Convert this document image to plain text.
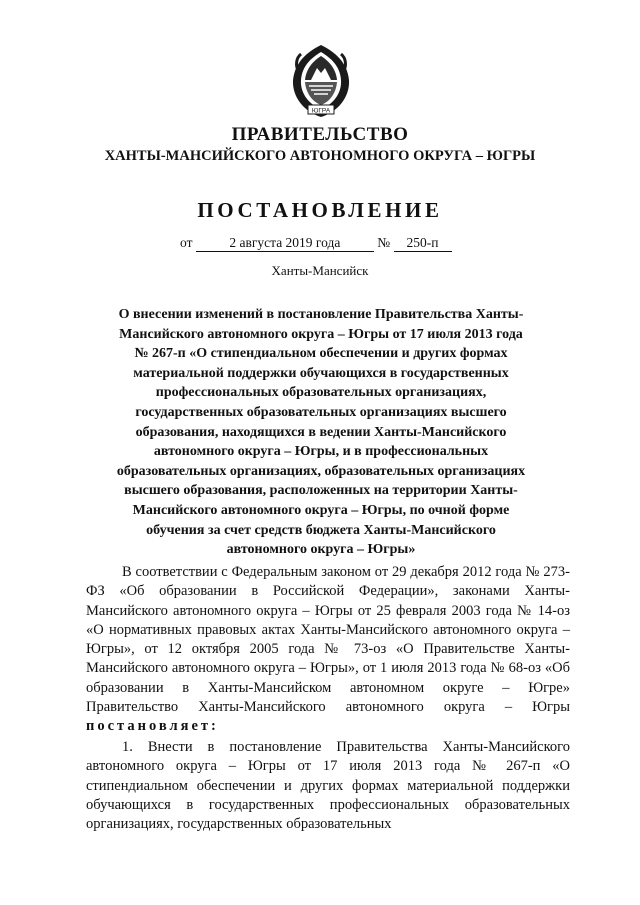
ЮГРА
ПРАВИТЕЛЬСТВО
ХАНТЫ-МАНСИЙСКОГО АВТОНОМНОГО ОКРУГА – ЮГРЫ
ПОСТАНОВЛЕНИЕ
от	2 августа 2019 года	№ 250-п
Ханты-Мансийск
О внесении изменений в постановление Правительства Ханты-
Мансийского автономного округа – Югры от 17 июля 2013 года
№ 267-п «О стипендиальном обеспечении и других формах
материальной поддержки обучающихся в государственных
профессиональных образовательных организациях,
государственных образовательных организациях высшего
образования, находящихся в ведении Ханты-Мансийского
автономного округа – Югры, и в профессиональных
образовательных организациях, образовательных организациях
высшего образования, расположенных на территории Ханты-
Мансийского автономного округа – Югры, по очной форме
обучения за счет средств бюджета Ханты-Мансийского
автономного округа – Югры»
В соответствии с Федеральным законом от 29 декабря 2012 года № 273-ФЗ «Об образовании в Российской Федерации», законами Ханты-Мансийского автономного округа – Югры от 25 февраля 2003 года № 14-оз «О нормативных правовых актах Ханты-Мансийского автономного округа – Югры», от 12 октября 2005 года № 73-оз «О Правительстве Ханты-Мансийского автономного округа – Югры», от 1 июля 2013 года № 68-оз «Об образовании в Ханты-Мансийском автономном округе – Югре» Правительство Ханты-Мансийского автономного округа – Югры постановляет:
1. Внести в постановление Правительства Ханты-Мансийского автономного округа – Югры от 17 июля 2013 года № 267-п «О стипендиальном обеспечении и других формах материальной поддержки обучающихся в государственных профессиональных образовательных организациях, государственных образовательных
